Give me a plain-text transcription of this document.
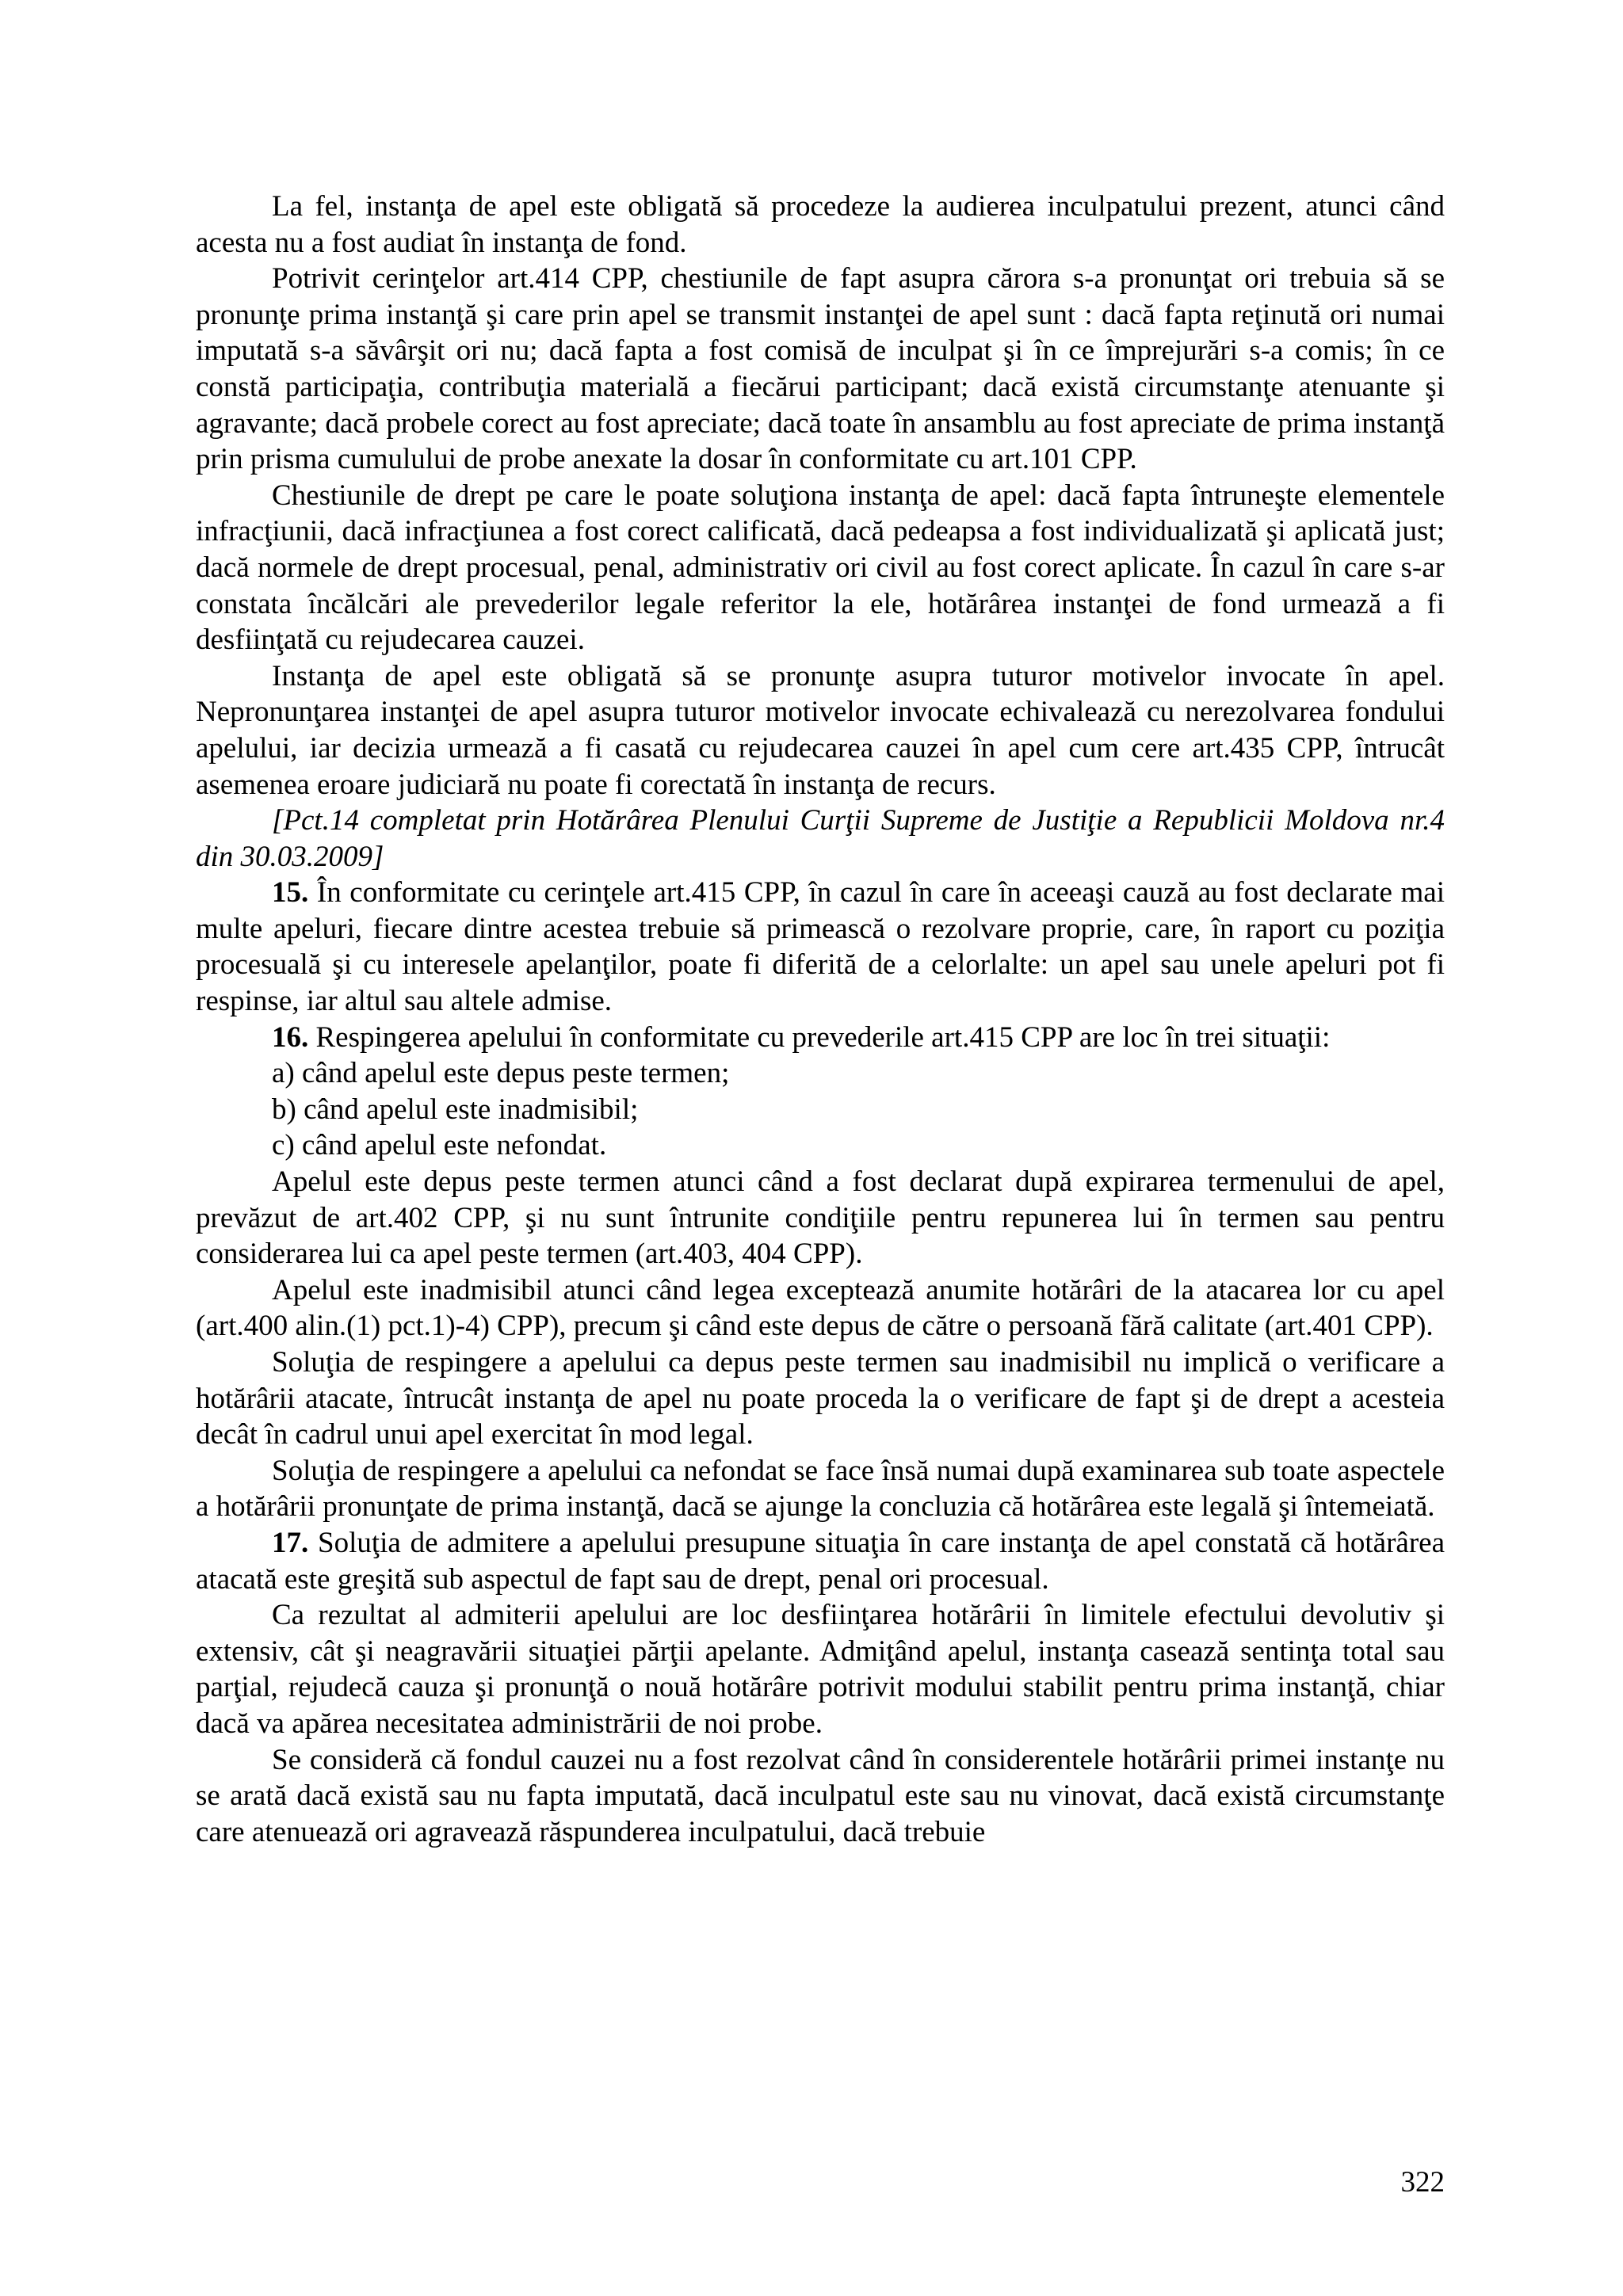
La fel, instanţa de apel este obligată să procedeze la audierea inculpatului prezent, atunci când acesta nu a fost audiat în instanţa de fond.

Potrivit cerinţelor art.414 CPP, chestiunile de fapt asupra cărora s-a pronunţat ori trebuia să se pronunţe prima instanţă şi care prin apel se transmit instanţei de apel sunt : dacă fapta reţinută ori numai imputată s-a săvârşit ori nu; dacă fapta a fost comisă de inculpat şi în ce împrejurări s-a comis; în ce constă participaţia, contribuţia materială a fiecărui participant; dacă există circumstanţe atenuante şi agravante; dacă probele corect au fost apreciate; dacă toate în ansamblu au fost apreciate de prima instanţă prin prisma cumulului de probe anexate la dosar în conformitate cu art.101 CPP.

Chestiunile de drept pe care le poate soluţiona instanţa de apel: dacă fapta întruneşte elementele infracţiunii, dacă infracţiunea a fost corect calificată, dacă pedeapsa a fost individualizată şi aplicată just; dacă normele de drept procesual, penal, administrativ ori civil au fost corect aplicate. În cazul în care s-ar constata încălcări ale prevederilor legale referitor la ele, hotărârea instanţei de fond urmează a fi desfiinţată cu rejudecarea cauzei.

Instanţa de apel este obligată să se pronunţe asupra tuturor motivelor invocate în apel. Nepronunţarea instanţei de apel asupra tuturor motivelor invocate echivalează cu nerezolvarea fondului apelului, iar decizia urmează a fi casată cu rejudecarea cauzei în apel cum cere art.435 CPP, întrucât asemenea eroare judiciară nu poate fi corectată în instanţa de recurs.

[Pct.14 completat prin Hotărârea Plenului Curţii Supreme de Justiţie a Republicii Moldova nr.4 din 30.03.2009]

15. În conformitate cu cerinţele art.415 CPP, în cazul în care în aceeaşi cauză au fost declarate mai multe apeluri, fiecare dintre acestea trebuie să primească o rezolvare proprie, care, în raport cu poziţia procesuală şi cu interesele apelanţilor, poate fi diferită de a celorlalte: un apel sau unele apeluri pot fi respinse, iar altul sau altele admise.

16. Respingerea apelului în conformitate cu prevederile art.415 CPP are loc în trei situaţii:

a) când apelul este depus peste termen;

b) când apelul este inadmisibil;

c) când apelul este nefondat.

Apelul este depus peste termen atunci când a fost declarat după expirarea termenului de apel, prevăzut de art.402 CPP, şi nu sunt întrunite condiţiile pentru repunerea lui în termen sau pentru considerarea lui ca apel peste termen (art.403, 404 CPP).

Apelul este inadmisibil atunci când legea exceptează anumite hotărâri de la atacarea lor cu apel (art.400 alin.(1) pct.1)-4) CPP), precum şi când este depus de către o persoană fără calitate (art.401 CPP).

Soluţia de respingere a apelului ca depus peste termen sau inadmisibil nu implică o verificare a hotărârii atacate, întrucât instanţa de apel nu poate proceda la o verificare de fapt şi de drept a acesteia decât în cadrul unui apel exercitat în mod legal.

Soluţia de respingere a apelului ca nefondat se face însă numai după examinarea sub toate aspectele a hotărârii pronunţate de prima instanţă, dacă se ajunge la concluzia că hotărârea este legală şi întemeiată.

17. Soluţia de admitere a apelului presupune situaţia în care instanţa de apel constată că hotărârea atacată este greşită sub aspectul de fapt sau de drept, penal ori procesual.

Ca rezultat al admiterii apelului are loc desfiinţarea hotărârii în limitele efectului devolutiv şi extensiv, cât şi neagravării situaţiei părţii apelante. Admiţând apelul, instanţa casează sentinţa total sau parţial, rejudecă cauza şi pronunţă o nouă hotărâre potrivit modului stabilit pentru prima instanţă, chiar dacă va apărea necesitatea administrării de noi probe.

Se consideră că fondul cauzei nu a fost rezolvat când în considerentele hotărârii primei instanţe nu se arată dacă există sau nu fapta imputată, dacă inculpatul este sau nu vinovat, dacă există circumstanţe care atenuează ori agravează răspunderea inculpatului, dacă trebuie

322
